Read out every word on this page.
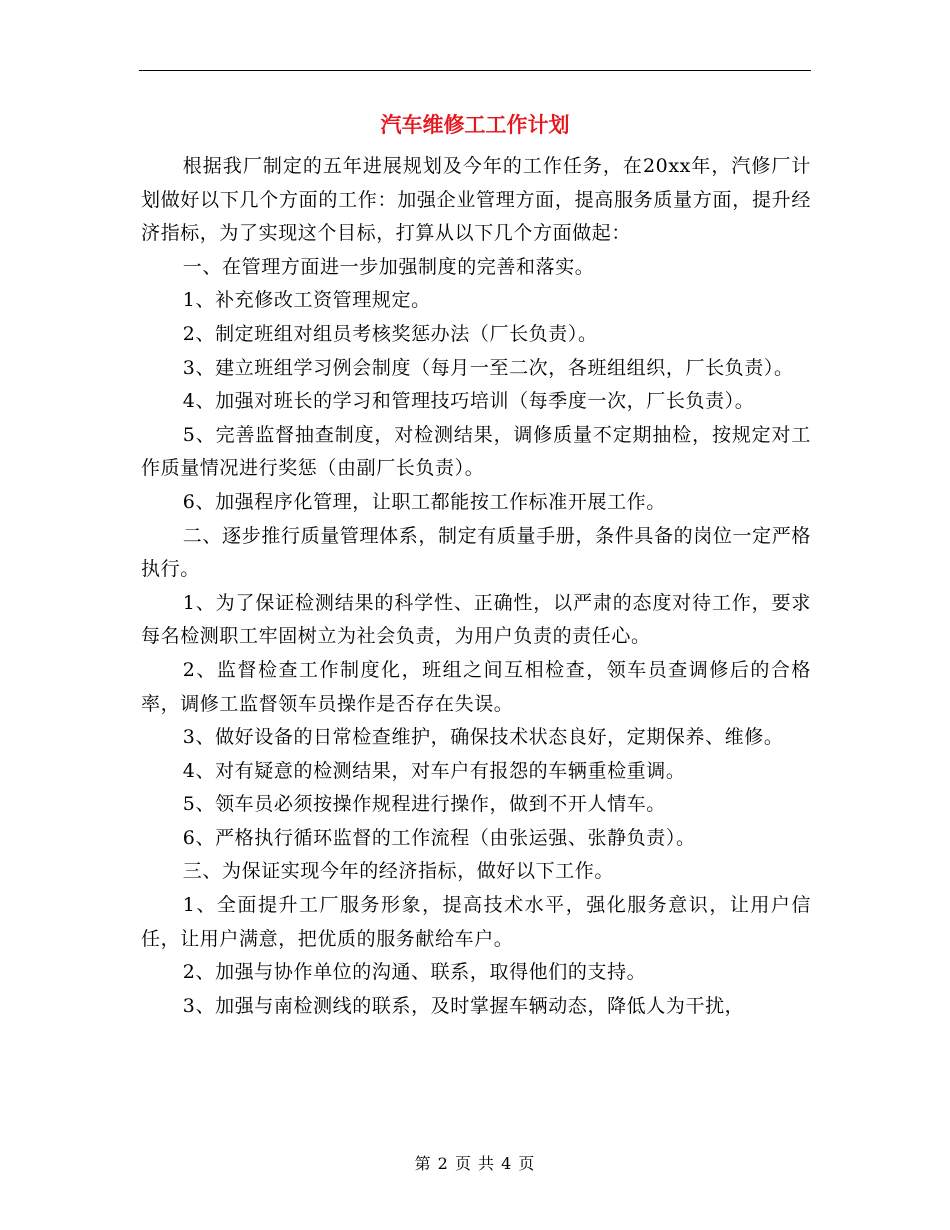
汽车维修工工作计划

根据我厂制定的五年进展规划及今年的工作任务，在20xx年，汽修厂计划做好以下几个方面的工作：加强企业管理方面，提高服务质量方面，提升经济指标，为了实现这个目标，打算从以下几个方面做起：

一、在管理方面进一步加强制度的完善和落实。

1、补充修改工资管理规定。

2、制定班组对组员考核奖惩办法（厂长负责）。

3、建立班组学习例会制度（每月一至二次，各班组组织，厂长负责）。

4、加强对班长的学习和管理技巧培训（每季度一次，厂长负责）。

5、完善监督抽查制度，对检测结果，调修质量不定期抽检，按规定对工作质量情况进行奖惩（由副厂长负责）。

6、加强程序化管理，让职工都能按工作标准开展工作。

二、逐步推行质量管理体系，制定有质量手册，条件具备的岗位一定严格执行。

1、为了保证检测结果的科学性、正确性，以严肃的态度对待工作，要求每名检测职工牢固树立为社会负责，为用户负责的责任心。

2、监督检查工作制度化，班组之间互相检查，领车员查调修后的合格率，调修工监督领车员操作是否存在失误。

3、做好设备的日常检查维护，确保技术状态良好，定期保养、维修。

4、对有疑意的检测结果，对车户有报怨的车辆重检重调。

5、领车员必须按操作规程进行操作，做到不开人情车。

6、严格执行循环监督的工作流程（由张运强、张静负责）。

三、为保证实现今年的经济指标，做好以下工作。

1、全面提升工厂服务形象，提高技术水平，强化服务意识，让用户信任，让用户满意，把优质的服务献给车户。

2、加强与协作单位的沟通、联系，取得他们的支持。

3、加强与南检测线的联系，及时掌握车辆动态，降低人为干扰，

第 2 页 共 4 页
